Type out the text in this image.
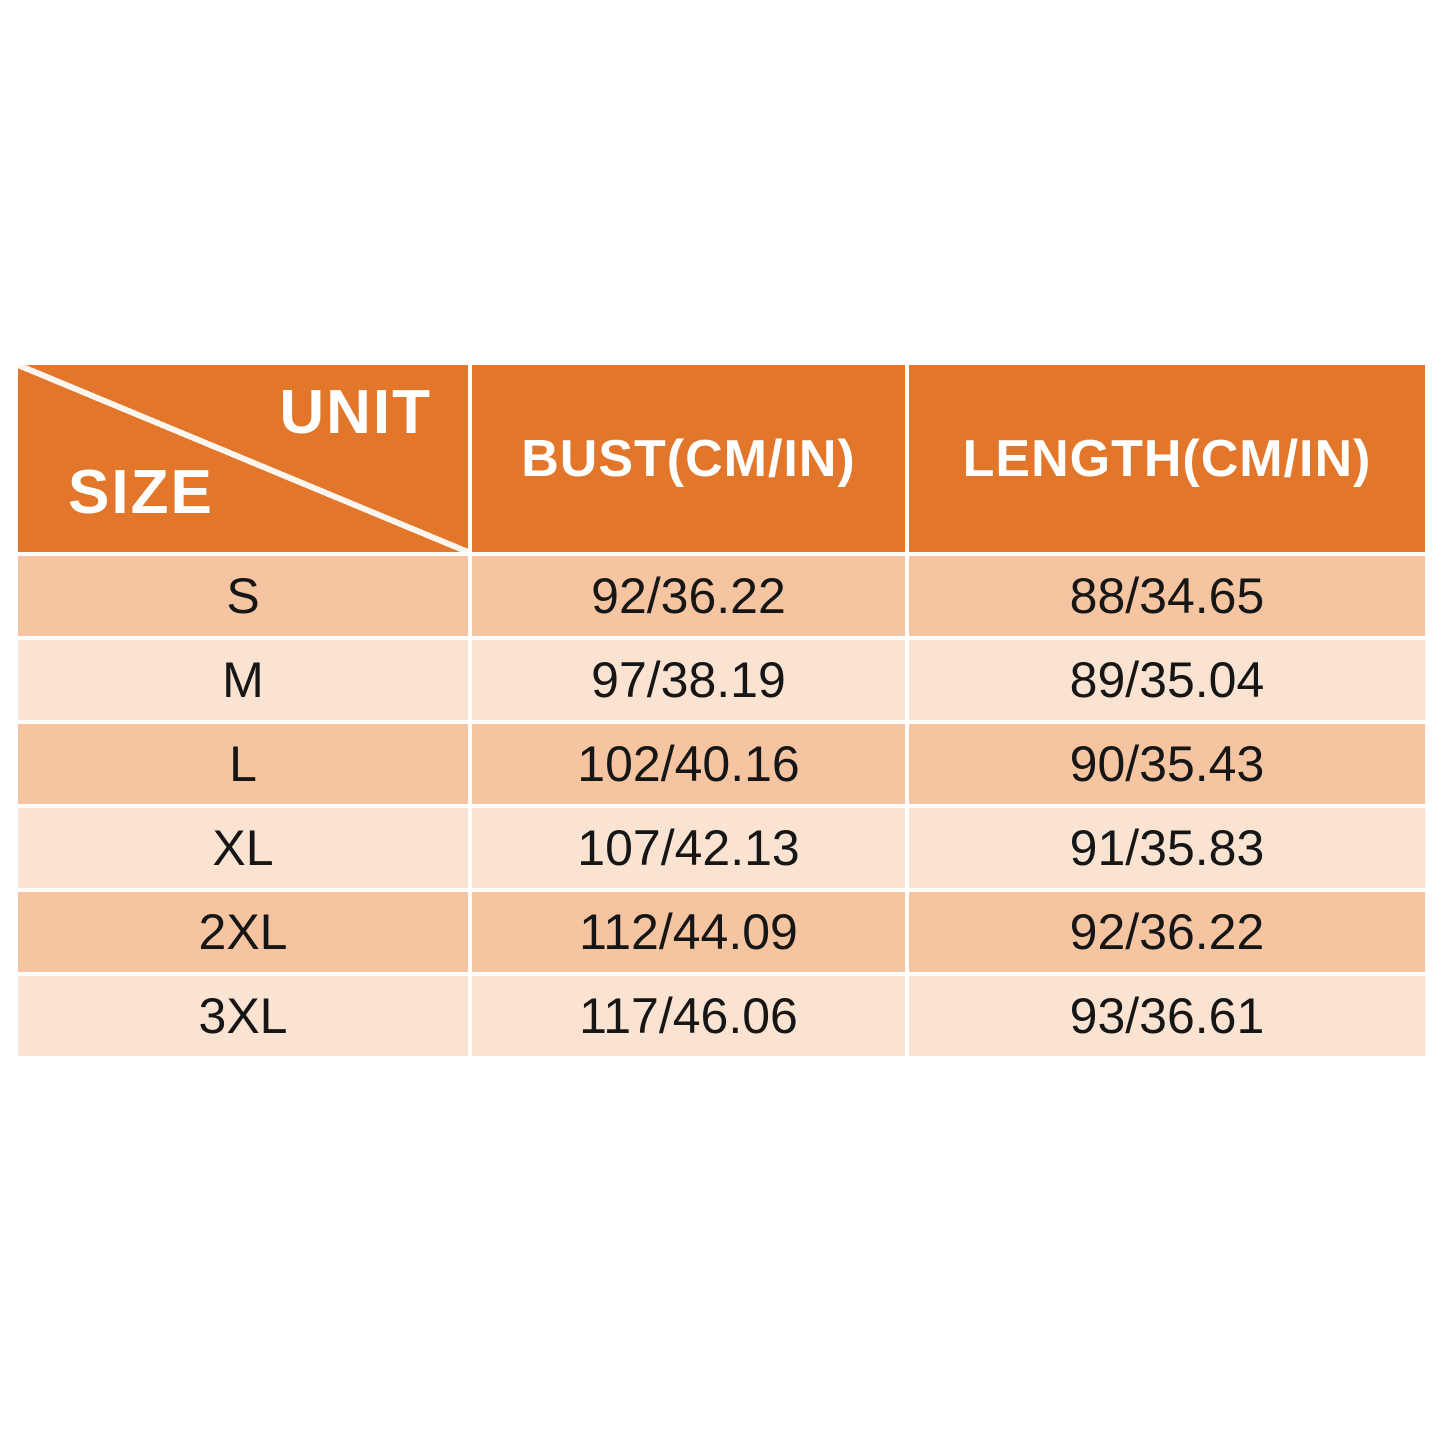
UNIT
SIZE	BUST(CM/IN)	LENGTH(CM/IN)
S	92/36.22	88/34.65
M	97/38.19	89/35.04
L	102/40.16	90/35.43
XL	107/42.13	91/35.83
2XL	112/44.09	92/36.22
3XL	117/46.06	93/36.61
